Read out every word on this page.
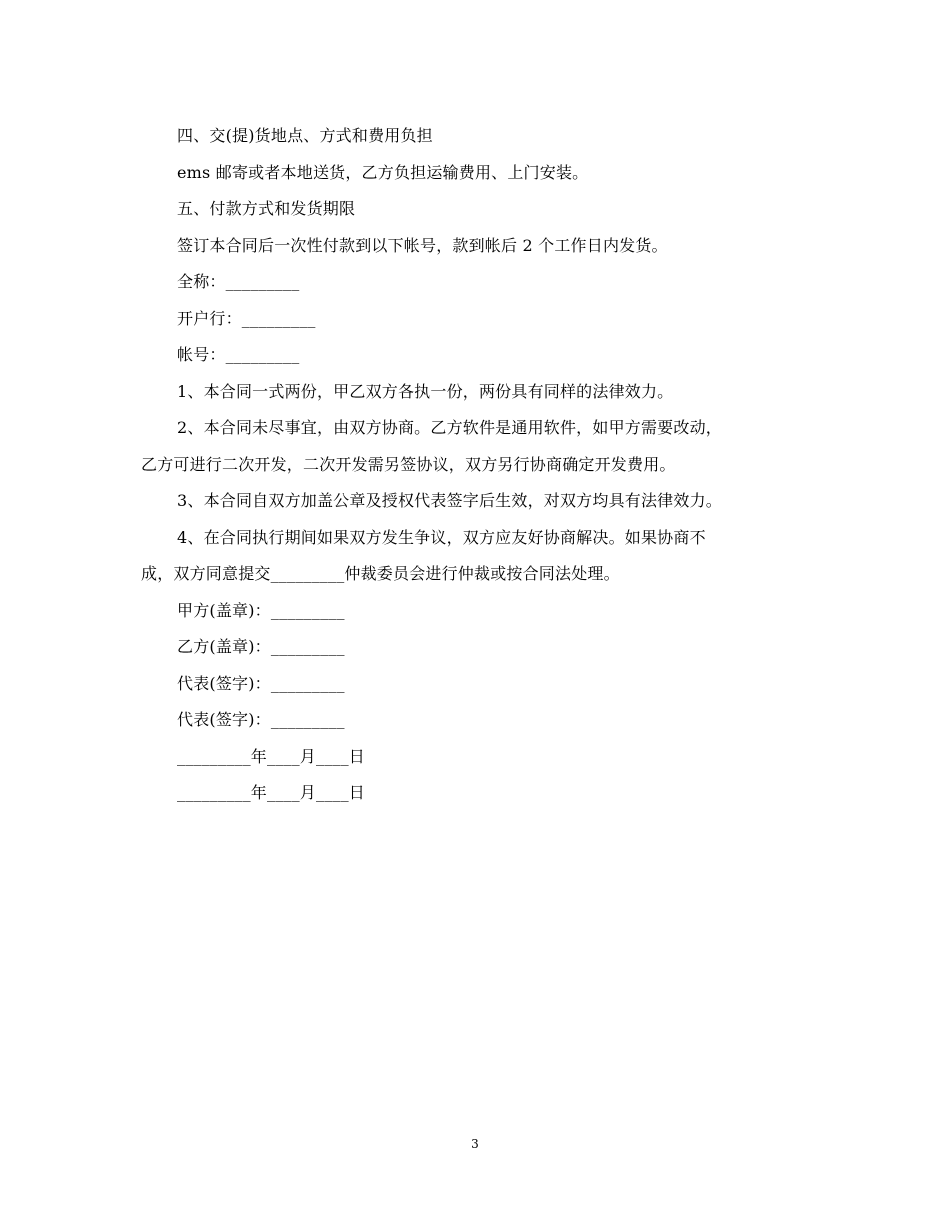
四、交(提)货地点、方式和费用负担
ems 邮寄或者本地送货，乙方负担运输费用、上门安装。
五、付款方式和发货期限
签订本合同后一次性付款到以下帐号，款到帐后 2 个工作日内发货。
全称：_________
开户行：_________
帐号：_________
1、本合同一式两份，甲乙双方各执一份，两份具有同样的法律效力。
2、本合同未尽事宜，由双方协商。乙方软件是通用软件，如甲方需要改动，
乙方可进行二次开发，二次开发需另签协议，双方另行协商确定开发费用。
3、本合同自双方加盖公章及授权代表签字后生效，对双方均具有法律效力。
4、在合同执行期间如果双方发生争议，双方应友好协商解决。如果协商不
成，双方同意提交_________仲裁委员会进行仲裁或按合同法处理。
甲方(盖章)：_________
乙方(盖章)：_________
代表(签字)：_________
代表(签字)：_________
_________年____月____日
_________年____月____日
3
